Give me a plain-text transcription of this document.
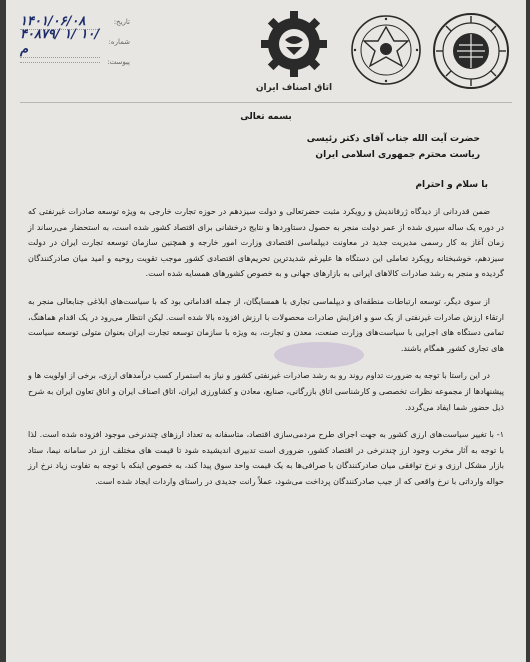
تاریخ:
۱۴۰۱/۰۶/۰۸
شماره:
۴۰۸۷۹/ ۱/ ۱۰/ م
پیوست:
اتاق اصناف ایران

بسمه تعالی

حضرت آیت الله جناب آقای دکتر رئیسی

ریاست محترم جمهوری اسلامی ایران

با سلام و احترام

ضمن قدردانی از دیدگاه ژرفاندیش و رویکرد مثبت حضرتعالی و دولت سیزدهم در حوزه تجارت خارجی به ویژه توسعه صادرات غیرنفتی که در دوره یک ساله سپری شده از عمر دولت منجر به حصول دستاوردها و نتایج درخشانی برای اقتصاد کشور شده است، به استحضار می‌رساند از زمان آغاز به کار رسمی مدیریت جدید در معاونت دیپلماسی اقتصادی وزارت امور خارجه و همچنین سازمان توسعه تجارت ایران در دولت سیزدهم، خوشبختانه رویکرد تعاملی این دستگاه ها علیرغم شدیدترین تحریم‌های اقتصادی کشور موجب تقویت روحیه و امید میان صادرکنندگان گردیده و منجر به رشد صادرات کالاهای ایرانی به بازارهای جهانی و به خصوص کشورهای همسایه شده است.

از سوی دیگر، توسعه ارتباطات منطقه‌ای و دیپلماسی تجاری با همسایگان، از جمله اقداماتی بود که با سیاست‌های ابلاغی جنابعالی منجر به ارتقاء ارزش صادرات غیرنفتی از یک سو و افزایش صادرات محصولات با ارزش افزوده بالا شده است. لیکن انتظار می‌رود در یک اقدام هماهنگ، تمامی دستگاه های اجرایی با سیاست‌های وزارت صنعت، معدن و تجارت، به ویژه با سازمان توسعه تجارت ایران بعنوان متولی توسعه سیاست های تجاری کشور همگام باشند.

در این راستا با توجه به ضرورت تداوم روند رو به رشد صادرات غیرنفتی کشور و نیاز به استمرار کسب درآمدهای ارزی، برخی از اولویت ها و پیشنهادها از مجموعه نظرات تخصصی و کارشناسی اتاق بازرگانی، صنایع، معادن و کشاورزی ایران، اتاق اصناف ایران و اتاق تعاون ایران به شرح ذیل حضور شما ایفاد می‌گردد.

۱- با تغییر سیاست‌های ارزی کشور به جهت اجرای طرح مردمی‌سازی اقتصاد، متاسفانه به تعداد ارزهای چندنرخی موجود افزوده شده است. لذا با توجه به آثار مخرب وجود ارز چندنرخی در اقتصاد کشور، ضروری است تدبیری اندیشیده شود تا قیمت های مختلف ارز در سامانه نیما، ستاد بازار مشکل ارزی و نرخ توافقی میان صادرکنندگان با صرافی‌ها به یک قیمت واحد سوق پیدا کند، به خصوص اینکه با توجه به تفاوت زیاد نرخ ارز حواله وارداتی با نرخ واقعی که از جیب صادرکنندگان پرداخت می‌شود، عملاً رانت جدیدی در راستای واردات ایجاد شده است.
